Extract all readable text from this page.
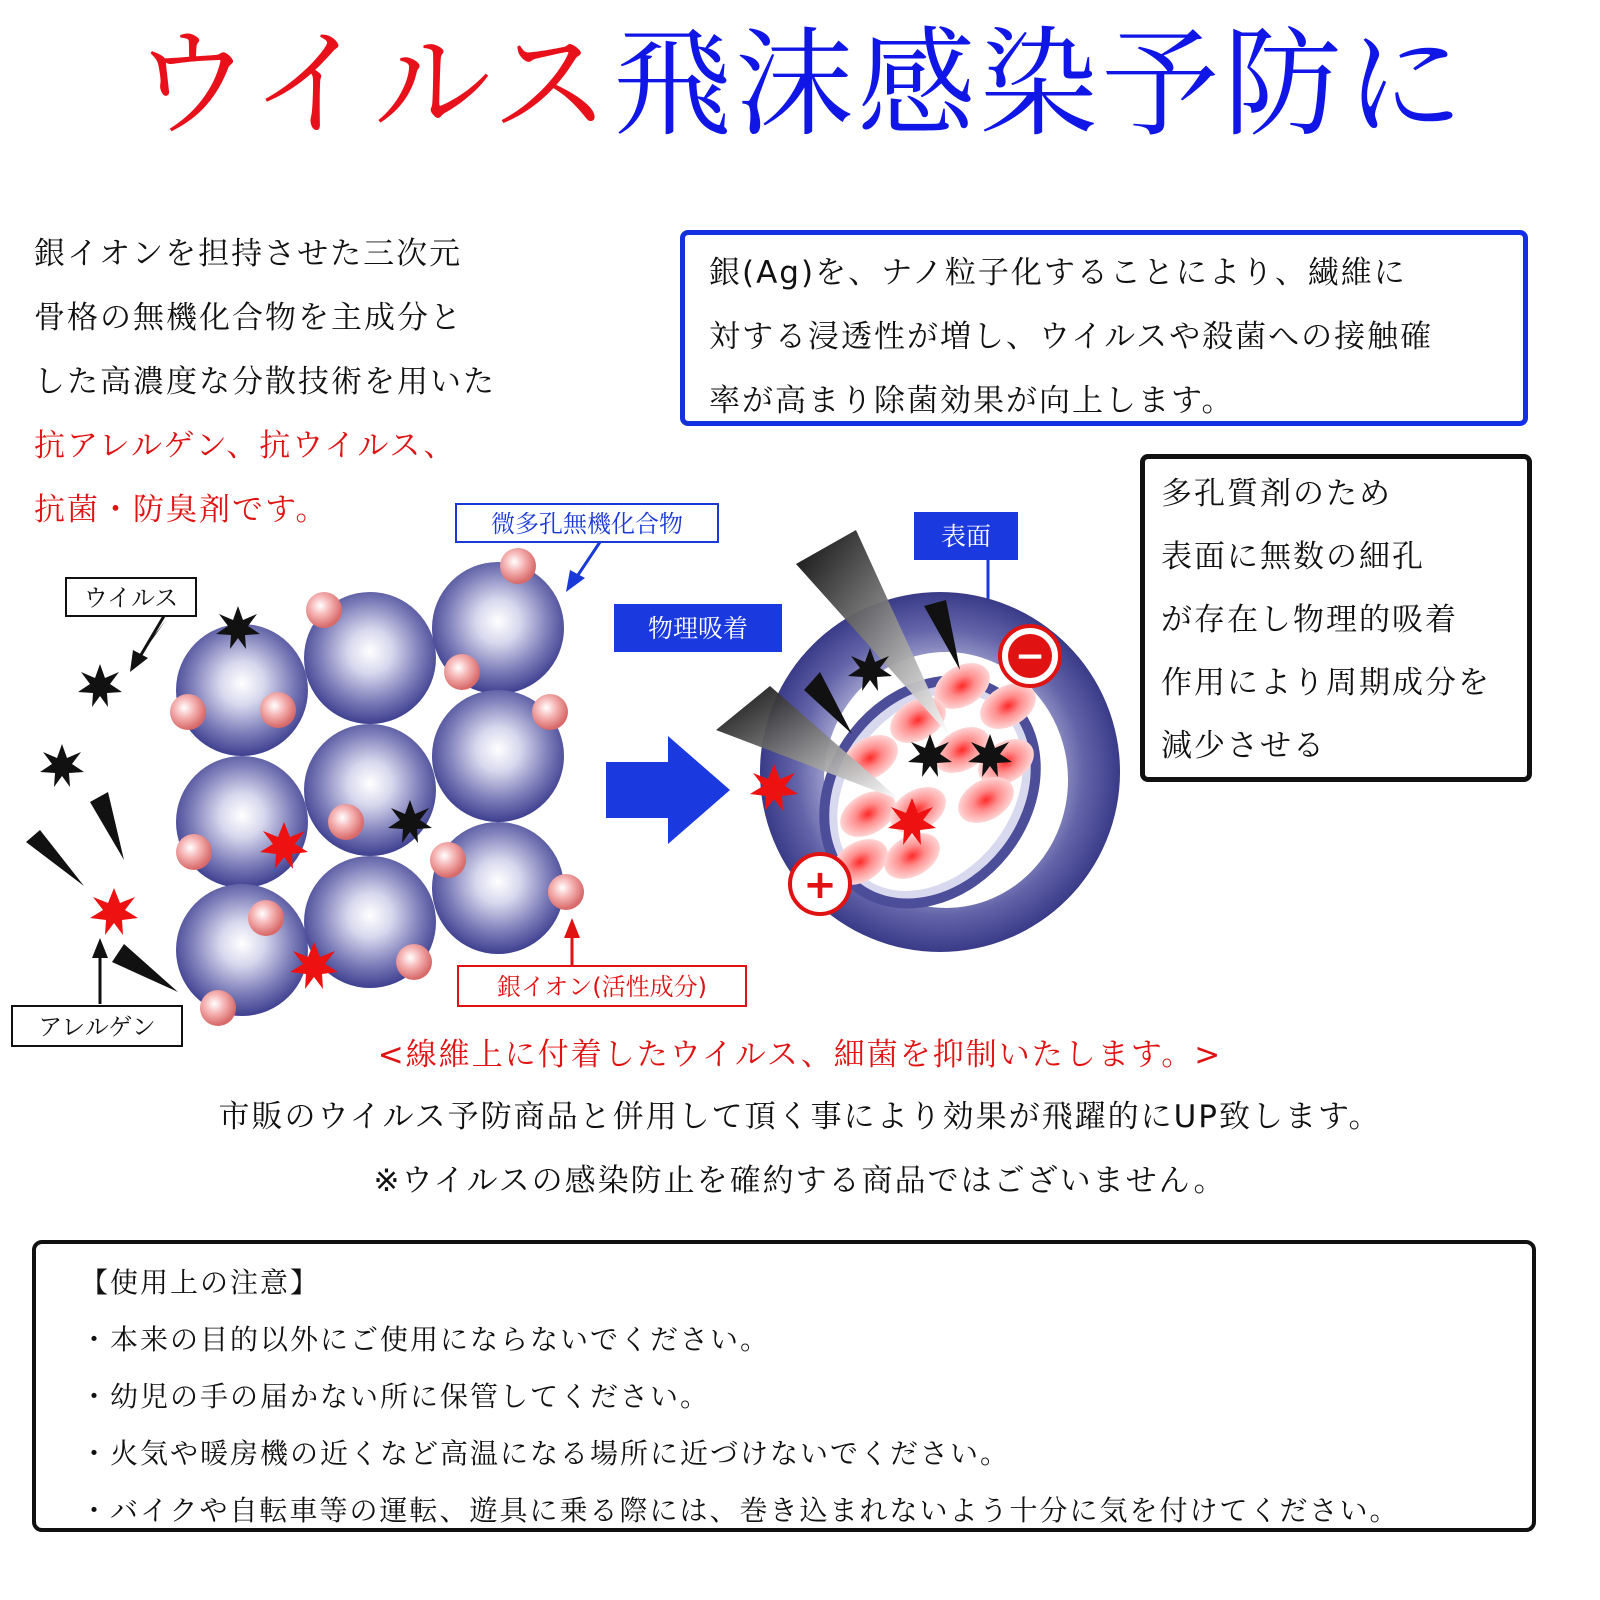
ウイルス飛沫感染予防に
銀イオンを担持させた三次元
骨格の無機化合物を主成分と
した高濃度な分散技術を用いた
抗アレルゲン、抗ウイルス、
抗菌・防臭剤です。
銀(Ag)を、ナノ粒子化することにより、繊維に
対する浸透性が増し、ウイルスや殺菌への接触確
率が高まり除菌効果が向上します。
多孔質剤のため
表面に無数の細孔
が存在し物理的吸着
作用により周期成分を
減少させる
ウイルス
アレルゲン
微多孔無機化合物
銀イオン(活性成分)
物理吸着
表面
−
+
<線維上に付着したウイルス、細菌を抑制いたします。>
市販のウイルス予防商品と併用して頂く事により効果が飛躍的にUP致します。
※ウイルスの感染防止を確約する商品ではございません。
【使用上の注意】
・本来の目的以外にご使用にならないでください。
・幼児の手の届かない所に保管してください。
・火気や暖房機の近くなど高温になる場所に近づけないでください。
・バイクや自転車等の運転、遊具に乗る際には、巻き込まれないよう十分に気を付けてください。
